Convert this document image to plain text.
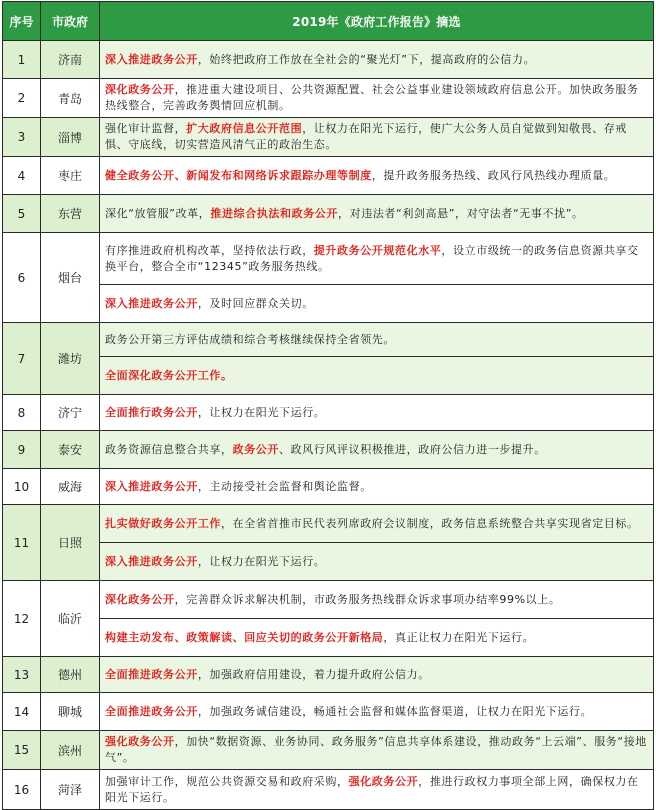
序号	市政府	2019年《政府工作报告》摘选
1	济南	深入推进政务公开，始终把政府工作放在全社会的“聚光灯”下，提高政府的公信力。
2	青岛	深化政务公开，推进重大建设项目、公共资源配置、社会公益事业建设领域政府信息公开。加快政务服务热线整合，完善政务舆情回应机制。
3	淄博	强化审计监督，扩大政府信息公开范围，让权力在阳光下运行，使广大公务人员自觉做到知敬畏、存戒惧、守底线，切实营造风清气正的政治生态。
4	枣庄	健全政务公开、新闻发布和网络诉求跟踪办理等制度，提升政务服务热线、政风行风热线办理质量。
5	东营	深化“放管服”改革，推进综合执法和政务公开，对违法者“利剑高悬”，对守法者“无事不扰”。
6	烟台	有序推进政府机构改革，坚持依法行政，提升政务公开规范化水平，设立市级统一的政务信息资源共享交换平台，整合全市“12345”政务服务热线。
		深入推进政务公开，及时回应群众关切。
7	潍坊	政务公开第三方评估成绩和综合考核继续保持全省领先。
		全面深化政务公开工作。
8	济宁	全面推行政务公开，让权力在阳光下运行。
9	泰安	政务资源信息整合共享，政务公开、政风行风评议积极推进，政府公信力进一步提升。
10	威海	深入推进政务公开，主动接受社会监督和舆论监督。
11	日照	扎实做好政务公开工作，在全省首推市民代表列席政府会议制度，政务信息系统整合共享实现省定目标。
		深入推进政务公开，让权力在阳光下运行。
12	临沂	深化政务公开，完善群众诉求解决机制，市政务服务热线群众诉求事项办结率99%以上。
		构建主动发布、政策解读、回应关切的政务公开新格局，真正让权力在阳光下运行。
13	德州	全面推进政务公开，加强政府信用建设，着力提升政府公信力。
14	聊城	全面推进政务公开，加强政务诚信建设，畅通社会监督和媒体监督渠道，让权力在阳光下运行。
15	滨州	强化政务公开，加快“数据资源、业务协同、政务服务”信息共享体系建设，推动政务“上云端”、服务“接地气”。
16	菏泽	加强审计工作，规范公共资源交易和政府采购，强化政务公开，推进行政权力事项全部上网，确保权力在阳光下运行。
